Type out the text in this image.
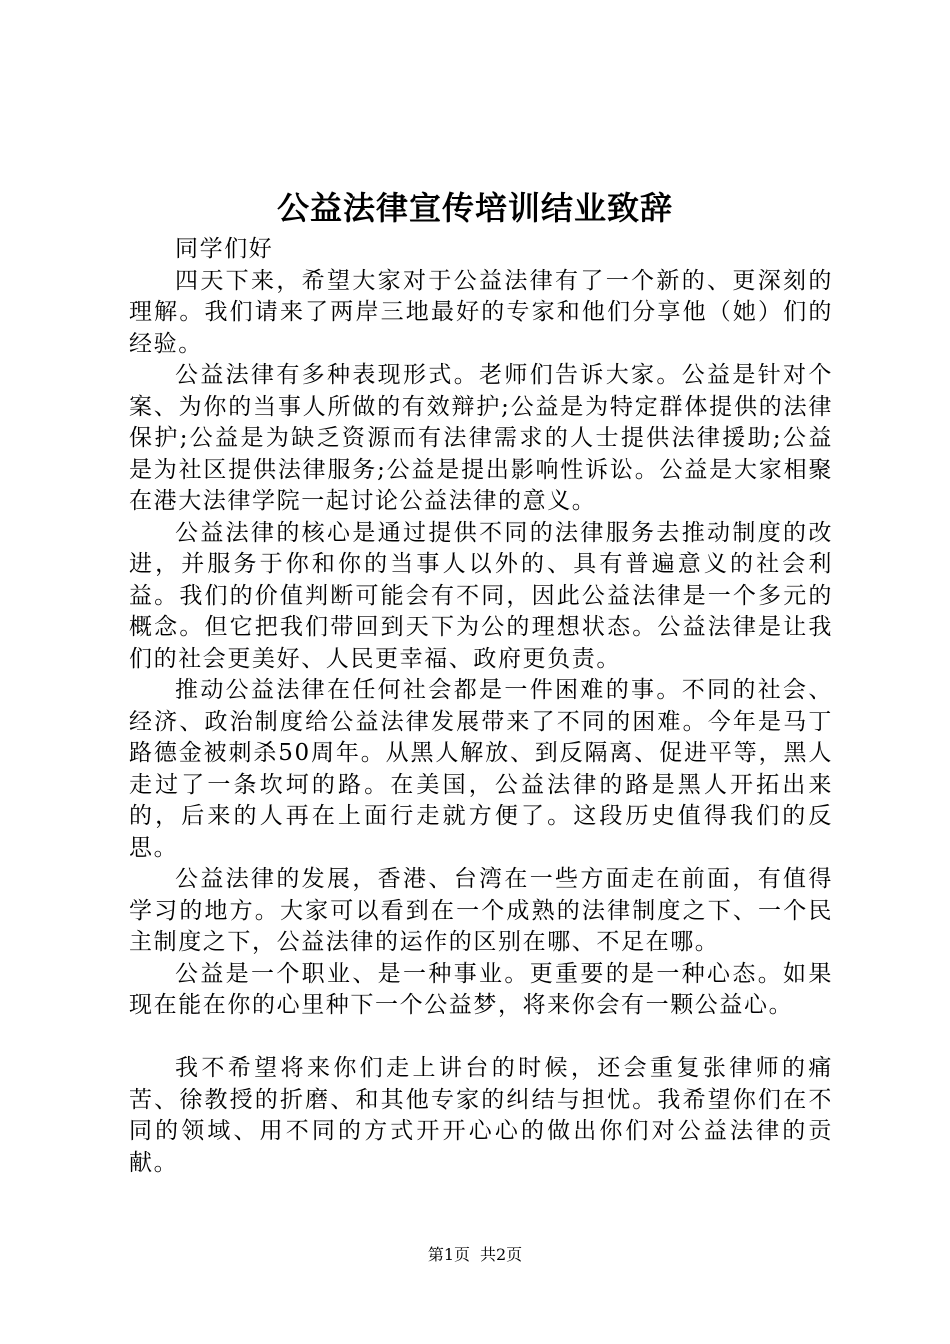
公益法律宣传培训结业致辞

同学们好

四天下来，希望大家对于公益法律有了一个新的、更深刻的理解。我们请来了两岸三地最好的专家和他们分享他（她）们的经验。

公益法律有多种表现形式。老师们告诉大家。公益是针对个案、为你的当事人所做的有效辩护;公益是为特定群体提供的法律保护;公益是为缺乏资源而有法律需求的人士提供法律援助;公益是为社区提供法律服务;公益是提出影响性诉讼。公益是大家相聚在港大法律学院一起讨论公益法律的意义。

公益法律的核心是通过提供不同的法律服务去推动制度的改进，并服务于你和你的当事人以外的、具有普遍意义的社会利益。我们的价值判断可能会有不同，因此公益法律是一个多元的概念。但它把我们带回到天下为公的理想状态。公益法律是让我们的社会更美好、人民更幸福、政府更负责。

推动公益法律在任何社会都是一件困难的事。不同的社会、经济、政治制度给公益法律发展带来了不同的困难。今年是马丁路德金被刺杀50周年。从黑人解放、到反隔离、促进平等，黑人走过了一条坎坷的路。在美国，公益法律的路是黑人开拓出来的，后来的人再在上面行走就方便了。这段历史值得我们的反思。

公益法律的发展，香港、台湾在一些方面走在前面，有值得学习的地方。大家可以看到在一个成熟的法律制度之下、一个民主制度之下，公益法律的运作的区别在哪、不足在哪。

公益是一个职业、是一种事业。更重要的是一种心态。如果现在能在你的心里种下一个公益梦，将来你会有一颗公益心。

我不希望将来你们走上讲台的时候，还会重复张律师的痛苦、徐教授的折磨、和其他专家的纠结与担忧。我希望你们在不同的领域、用不同的方式开开心心的做出你们对公益法律的贡献。

第1页 共2页
